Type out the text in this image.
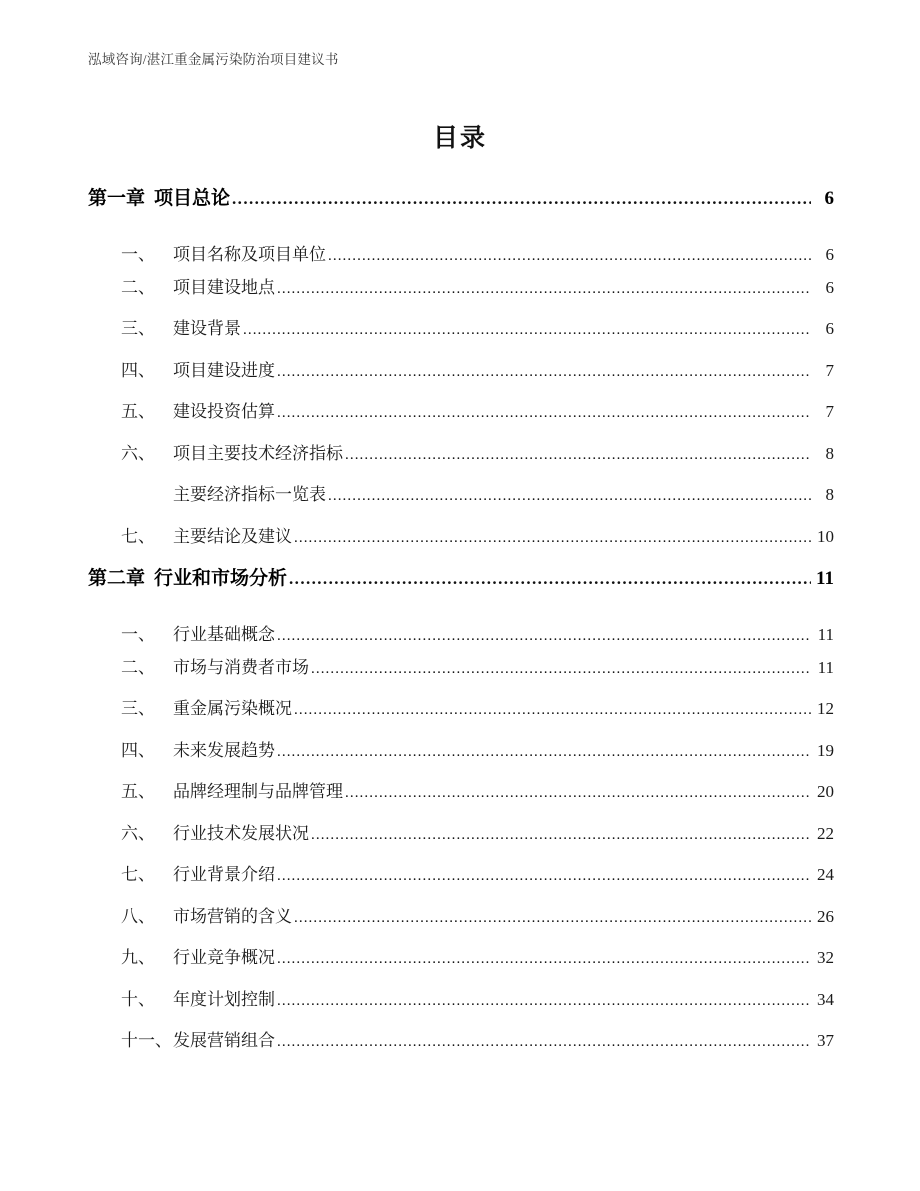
泓域咨询/湛江重金属污染防治项目建议书
目录
第一章 项目总论 .....	6
一、	项目名称及项目单位 .....	6
二、	项目建设地点 .....	6
三、	建设背景 .....	6
四、	项目建设进度 .....	7
五、	建设投资估算 .....	7
六、	项目主要技术经济指标 .....	8
主要经济指标一览表 .....	8
七、	主要结论及建议 .....	10
第二章 行业和市场分析 .....	11
一、	行业基础概念 .....	11
二、	市场与消费者市场 .....	11
三、	重金属污染概况 .....	12
四、	未来发展趋势 .....	19
五、	品牌经理制与品牌管理 .....	20
六、	行业技术发展状况 .....	22
七、	行业背景介绍 .....	24
八、	市场营销的含义 .....	26
九、	行业竞争概况 .....	32
十、	年度计划控制 .....	34
十一、 发展营销组合 .....	37
